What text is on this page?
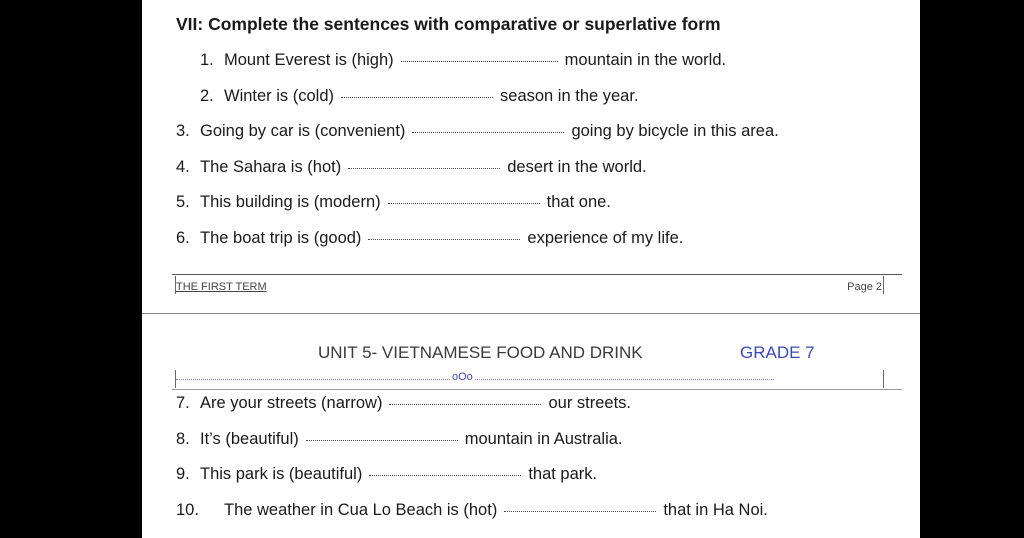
VII: Complete the sentences with comparative or superlative form
1. Mount Everest is (high)	mountain in the world.
2. Winter is (cold)	season in the year.
3. Going by car is (convenient)	going by bicycle in this area.
4. The Sahara is (hot)	desert in the world.
5. This building is (modern)	that one.
6. The boat trip is (good)	experience of my life.
THE FIRST TERM	Page 2
UNIT 5- VIETNAMESE FOOD AND DRINK	GRADE 7
oOo
7. Are your streets (narrow)	our streets.
8. It’s (beautiful)	mountain in Australia.
9. This park is (beautiful)	that park.
10.	The weather in Cua Lo Beach is (hot)	that in Ha Noi.
